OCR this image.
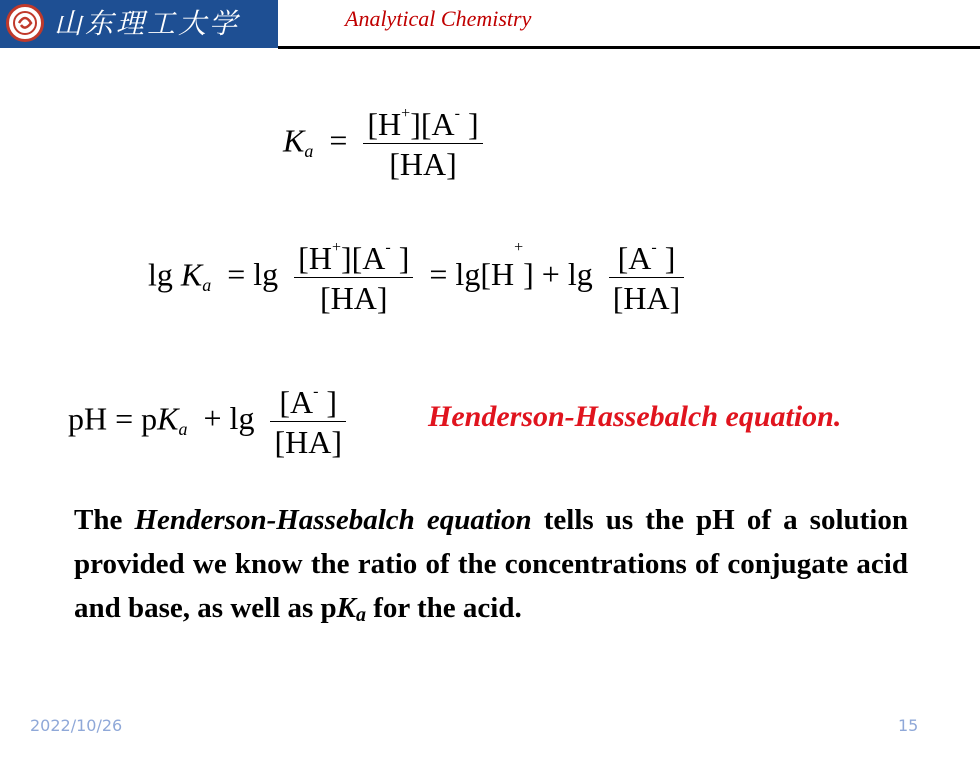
山东理工大学	Analytical Chemistry
$K_a = \frac{[H^+][A^- ]}{[HA]}$
$\lg K_a = \lg \frac{[H^+][A^- ]}{[HA]} = \lg[H^+] + \lg \frac{[A^- ]}{[HA]}$
pH = $pK_a + \lg \frac{[A^- ]}{[HA]}$	Henderson-Hassebalch equation.
The Henderson-Hassebalch equation tells us the pH of a solution provided we know the ratio of the concentrations of conjugate acid and base, as well as $pK_a$ for the acid.
2022/10/26	15
